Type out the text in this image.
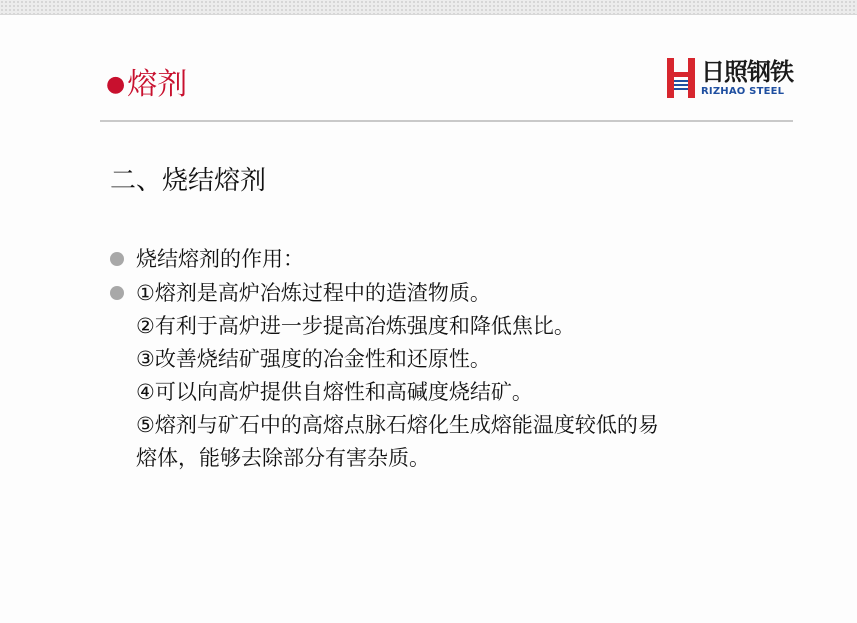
●熔剂	日照钢铁
RIZHAO STEEL
二、烧结熔剂
烧结熔剂的作用：
①熔剂是高炉冶炼过程中的造渣物质。
②有利于高炉进一步提高冶炼强度和降低焦比。
③改善烧结矿强度的冶金性和还原性。
④可以向高炉提供自熔性和高碱度烧结矿。
⑤熔剂与矿石中的高熔点脉石熔化生成熔能温度较低的易
熔体，能够去除部分有害杂质。
